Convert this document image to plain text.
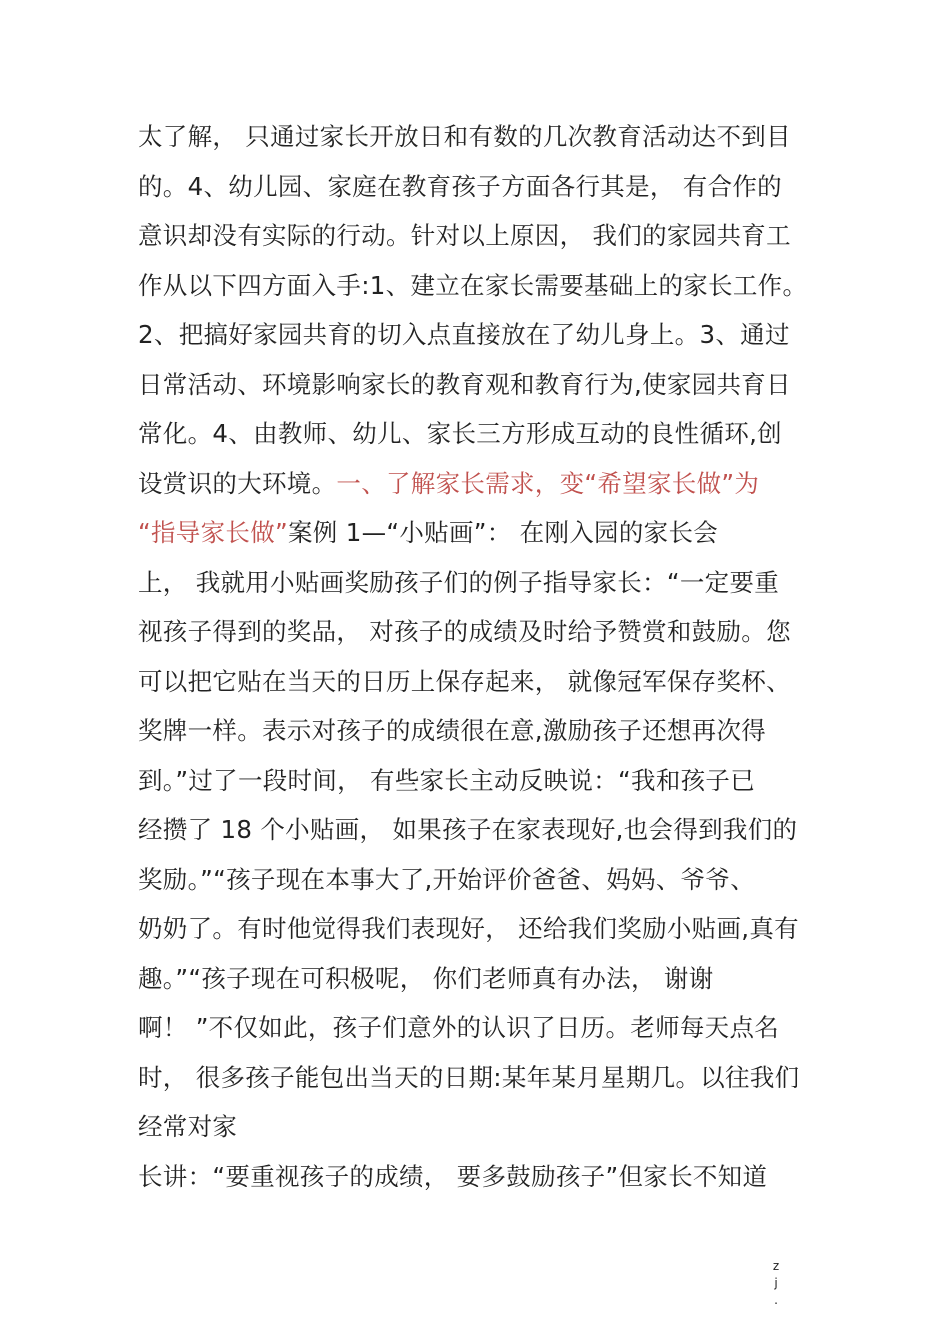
太了解， 只通过家长开放日和有数的几次教育活动达不到目
的。4、幼儿园、家庭在教育孩子方面各行其是， 有合作的
意识却没有实际的行动。针对以上原因， 我们的家园共育工
作从以下四方面入手:1、建立在家长需要基础上的家长工作。
2、把搞好家园共育的切入点直接放在了幼儿身上。3、通过
日常活动、环境影响家长的教育观和教育行为,使家园共育日
常化。4、由教师、幼儿、家长三方形成互动的良性循环,创
设赏识的大环境。一、了解家长需求，变“希望家长做”为
“指导家长做”案例 1—“小贴画”： 在刚入园的家长会
上， 我就用小贴画奖励孩子们的例子指导家长：“一定要重
视孩子得到的奖品， 对孩子的成绩及时给予赞赏和鼓励。您
可以把它贴在当天的日历上保存起来， 就像冠军保存奖杯、
奖牌一样。表示对孩子的成绩很在意,激励孩子还想再次得
到。”过了一段时间， 有些家长主动反映说：“我和孩子已
经攒了 18 个小贴画， 如果孩子在家表现好,也会得到我们的
奖励。”“孩子现在本事大了,开始评价爸爸、妈妈、爷爷、
奶奶了。有时他觉得我们表现好， 还给我们奖励小贴画,真有
趣。”“孩子现在可积极呢， 你们老师真有办法， 谢谢
啊！ ”不仅如此，孩子们意外的认识了日历。老师每天点名
时， 很多孩子能包出当天的日期:某年某月星期几。以往我们
经常对家
长讲：“要重视孩子的成绩， 要多鼓励孩子”但家长不知道
z
j
.
